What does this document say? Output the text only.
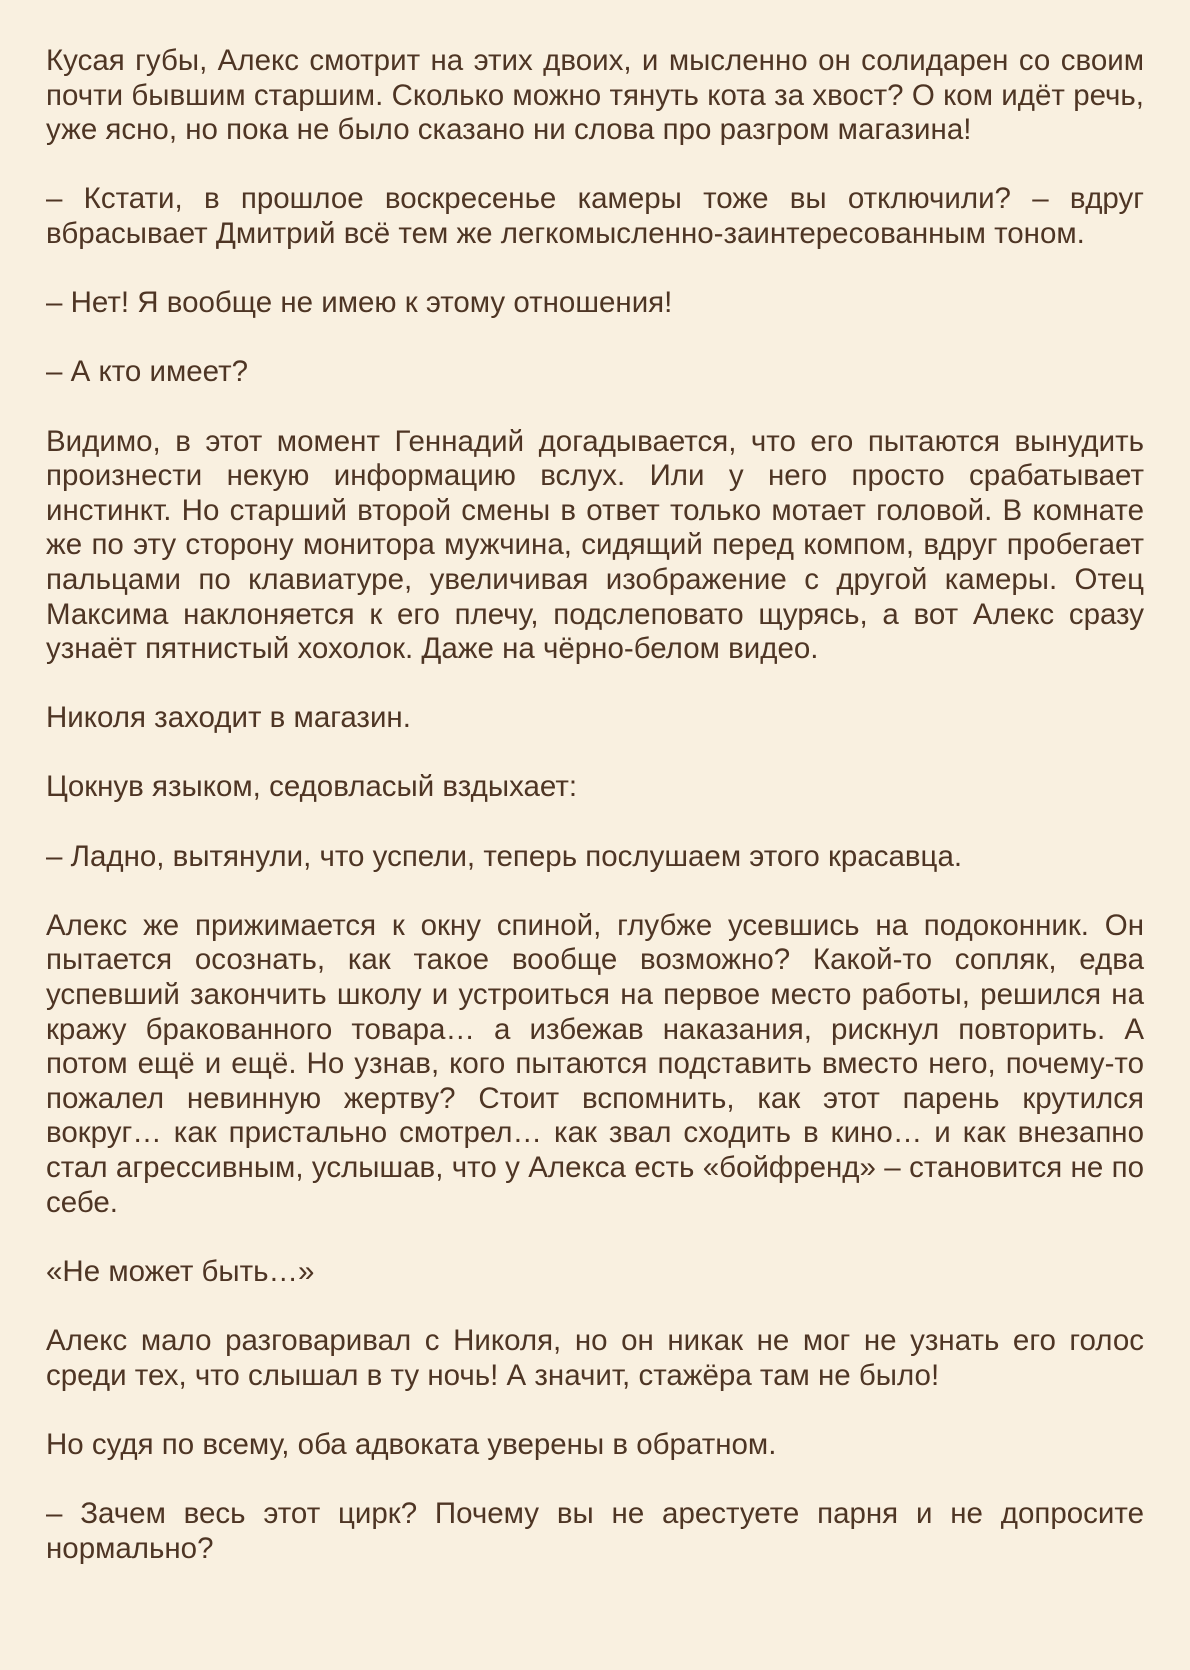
Кусая губы, Алекс смотрит на этих двоих, и мысленно он солидарен со своим почти бывшим старшим. Сколько можно тянуть кота за хвост? О ком идёт речь, уже ясно, но пока не было сказано ни слова про разгром магазина!

– Кстати, в прошлое воскресенье камеры тоже вы отключили? – вдруг вбрасывает Дмитрий всё тем же легкомысленно-заинтересованным тоном.

– Нет! Я вообще не имею к этому отношения!

– А кто имеет?

Видимо, в этот момент Геннадий догадывается, что его пытаются вынудить произнести некую информацию вслух. Или у него просто срабатывает инстинкт. Но старший второй смены в ответ только мотает головой. В комнате же по эту сторону монитора мужчина, сидящий перед компом, вдруг пробегает пальцами по клавиатуре, увеличивая изображение с другой камеры. Отец Максима наклоняется к его плечу, подслеповато щурясь, а вот Алекс сразу узнаёт пятнистый хохолок. Даже на чёрно-белом видео.

Николя заходит в магазин.

Цокнув языком, седовласый вздыхает:

– Ладно, вытянули, что успели, теперь послушаем этого красавца.

Алекс же прижимается к окну спиной, глубже усевшись на подоконник. Он пытается осознать, как такое вообще возможно? Какой-то сопляк, едва успевший закончить школу и устроиться на первое место работы, решился на кражу бракованного товара… а избежав наказания, рискнул повторить. А потом ещё и ещё. Но узнав, кого пытаются подставить вместо него, почему-то пожалел невинную жертву? Стоит вспомнить, как этот парень крутился вокруг… как пристально смотрел… как звал сходить в кино… и как внезапно стал агрессивным, услышав, что у Алекса есть «бойфренд» – становится не по себе.

«Не может быть…»

Алекс мало разговаривал с Николя, но он никак не мог не узнать его голос среди тех, что слышал в ту ночь! А значит, стажёра там не было!

Но судя по всему, оба адвоката уверены в обратном.

– Зачем весь этот цирк? Почему вы не арестуете парня и не допросите нормально?
